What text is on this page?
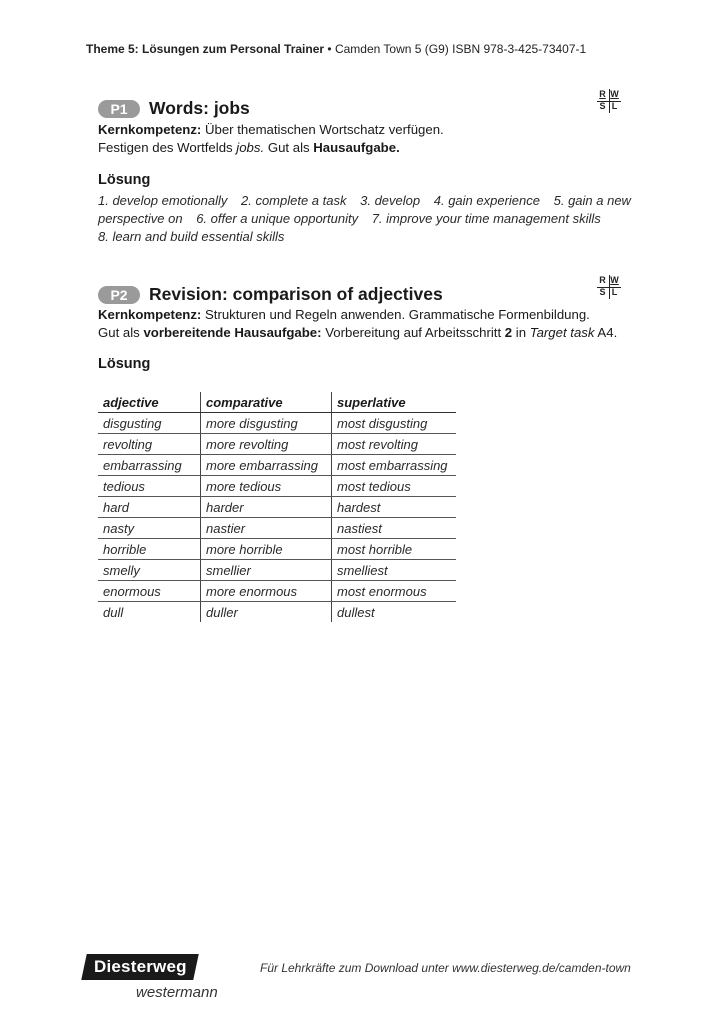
Theme 5: Lösungen zum Personal Trainer • Camden Town 5 (G9) ISBN 978-3-425-73407-1
P1	Words: jobs
R W
S L
Kernkompetenz: Über thematischen Wortschatz verfügen.
Festigen des Wortfelds jobs. Gut als Hausaufgabe.
Lösung
1. develop emotionally 2. complete a task 3. develop 4. gain experience 5. gain a new
perspective on 6. offer a unique opportunity 7. improve your time management skills
8. learn and build essential skills
P2	Revision: comparison of adjectives
R W
S L
Kernkompetenz: Strukturen und Regeln anwenden. Grammatische Formenbildung.
Gut als vorbereitende Hausaufgabe: Vorbereitung auf Arbeitsschritt 2 in Target task A4.
Lösung
adjective	comparative	superlative
disgusting	more disgusting	most disgusting
revolting	more revolting	most revolting
embarrassing	more embarrassing	most embarrassing
tedious	more tedious	most tedious
hard	harder	hardest
nasty	nastier	nastiest
horrible	more horrible	most horrible
smelly	smellier	smelliest
enormous	more enormous	most enormous
dull	duller	dullest
Diesterweg
westermann
Für Lehrkräfte zum Download unter www.diesterweg.de/camden-town
